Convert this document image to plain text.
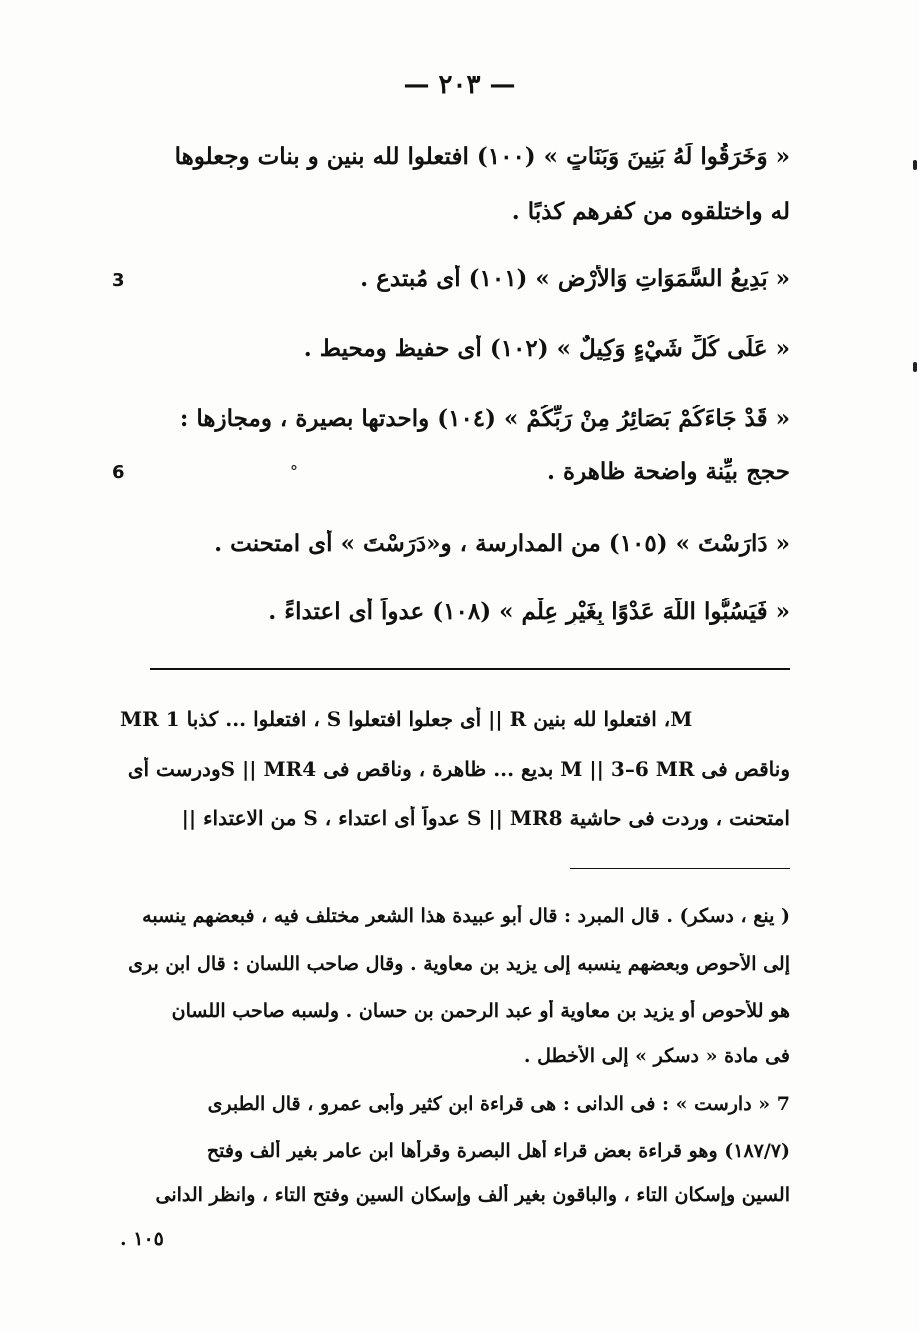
— ٢٠٣ —
« وَخَرَقُوا لَهُ بَنِينَ وَبَنَاتٍ » (١٠٠) افتعلوا لله بنين و بنات وجعلوها
له واختلقوه من كفرهم كذبًا .
« بَدِيعُ السَّمَوَاتِ وَالأَرْضِ » (١٠١) أى مُبتدع .
« عَلَى كُلِّ شَيْءٍ وَكِيلٌ » (١٠٢) أى حفيظ ومحيط .
« قَدْ جَاءَكُمْ بَصَائِرُ مِنْ رَبِّكُمْ » (١٠٤) واحدتها بصيرة ، ومجازها :
حجج بيِّنة واضحة ظاهرة .
« دَارَسْتَ » (١٠٥) من المدارسة ، و«دَرَسْتَ » أى امتحنت .
« فَيَسُبُّوا اللَّهَ عَدْوًا بِغَيْرِ عِلْمٍ » (١٠٨) عدواً أى اعتداءً .
3
6	°
MR 1 افتعلوا ... كذبا ، S أى جعلوا افتعلوا || R افتعلوا لله بنين ،M
وناقص فى M || 3–6 MR بديع ... ظاهرة ، وناقص فى S || MR4ودرست أى
امتحنت ، وردت فى حاشية S || MR8 عدواً أى اعتداء ، S من الاعتداء ||
( ينع ، دسكر) . قال المبرد : قال أبو عبيدة هذا الشعر مختلف فيه ، فبعضهم ينسبه
إلى الأحوص وبعضهم ينسبه إلى يزيد بن معاوية . وقال صاحب اللسان : قال ابن برى
هو للأحوص أو يزيد بن معاوية أو عبد الرحمن بن حسان . ولسبه صاحب اللسان
فى مادة « دسكر » إلى الأخطل .
7 « دارست » : فى الدانى : هى قراءة ابن كثير وأبى عمرو ، قال الطبرى
(١٨٧/٧) وهو قراءة بعض قراء أهل البصرة وقرأها ابن عامر بغير ألف وفتح
السين وإسكان التاء ، والباقون بغير ألف وإسكان السين وفتح التاء ، وانظر الدانى
. ١٠٥
